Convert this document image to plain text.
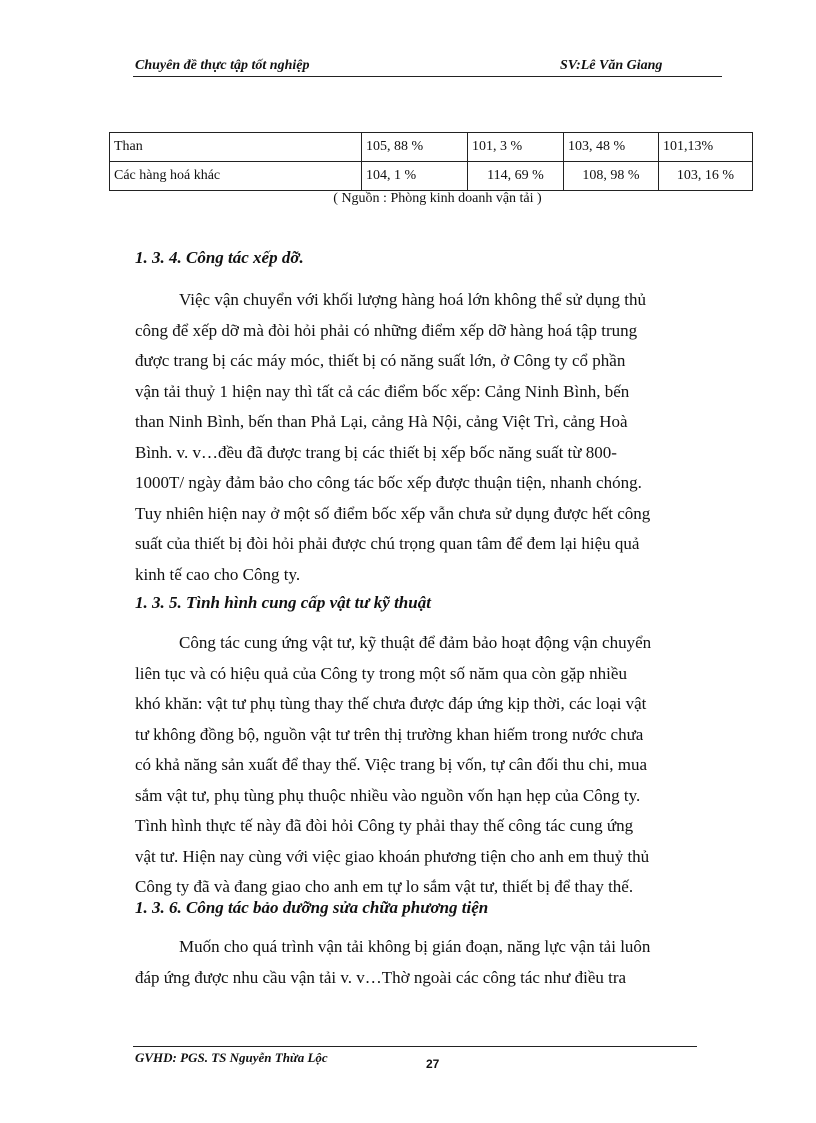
Chuyên đề thực tập tốt nghiệp	SV:Lê Văn Giang
Than	105, 88 %	101, 3 %	103, 48 %	101,13%
Các hàng hoá khác	104, 1 %	114, 69 %	108, 98 %	103, 16 %
( Nguồn : Phòng kinh doanh vận tải )
1. 3. 4. Công tác xếp dỡ.

Việc vận chuyển với khối lượng hàng hoá lớn không thể sử dụng thủ
công để xếp dỡ mà đòi hỏi phải có những điểm xếp dỡ hàng hoá tập trung
được trang bị các máy móc, thiết bị có năng suất lớn, ở Công ty cổ phần
vận tải thuỷ 1 hiện nay thì tất cả các điểm bốc xếp: Cảng Ninh Bình, bến
than Ninh Bình, bến than Phả Lại, cảng Hà Nội, cảng Việt Trì, cảng Hoà
Bình. v. v…đều đã được trang bị các thiết bị xếp bốc năng suất từ 800-
1000T/ ngày đảm bảo cho công tác bốc xếp được thuận tiện, nhanh chóng.
Tuy nhiên hiện nay ở một số điểm bốc xếp vẫn chưa sử dụng được hết công
suất của thiết bị đòi hỏi phải được chú trọng quan tâm để đem lại hiệu quả
kinh tế cao cho Công ty.

1. 3. 5. Tình hình cung cấp vật tư kỹ thuật

Công tác cung ứng vật tư, kỹ thuật để đảm bảo hoạt động vận chuyển
liên tục và có hiệu quả của Công ty trong một số năm qua còn gặp nhiều
khó khăn: vật tư phụ tùng thay thế chưa được đáp ứng kịp thời, các loại vật
tư không đồng bộ, nguồn vật tư trên thị trường khan hiếm trong nước chưa
có khả năng sản xuất để thay thế. Việc trang bị vốn, tự cân đối thu chi, mua
sắm vật tư, phụ tùng phụ thuộc nhiều vào nguồn vốn hạn hẹp của Công ty.
Tình hình thực tế này đã đòi hỏi Công ty phải thay thế công tác cung ứng
vật tư. Hiện nay cùng với việc giao khoán phương tiện cho anh em thuỷ thủ
Công ty đã và đang giao cho anh em tự lo sắm vật tư, thiết bị để thay thế.

1. 3. 6. Công tác bảo dưỡng sửa chữa phương tiện

Muốn cho quá trình vận tải không bị gián đoạn, năng lực vận tải luôn
đáp ứng được nhu cầu vận tải v. v…Thờ ngoài các công tác như điều tra

GVHD: PGS. TS Nguyễn Thừa Lộc	27
